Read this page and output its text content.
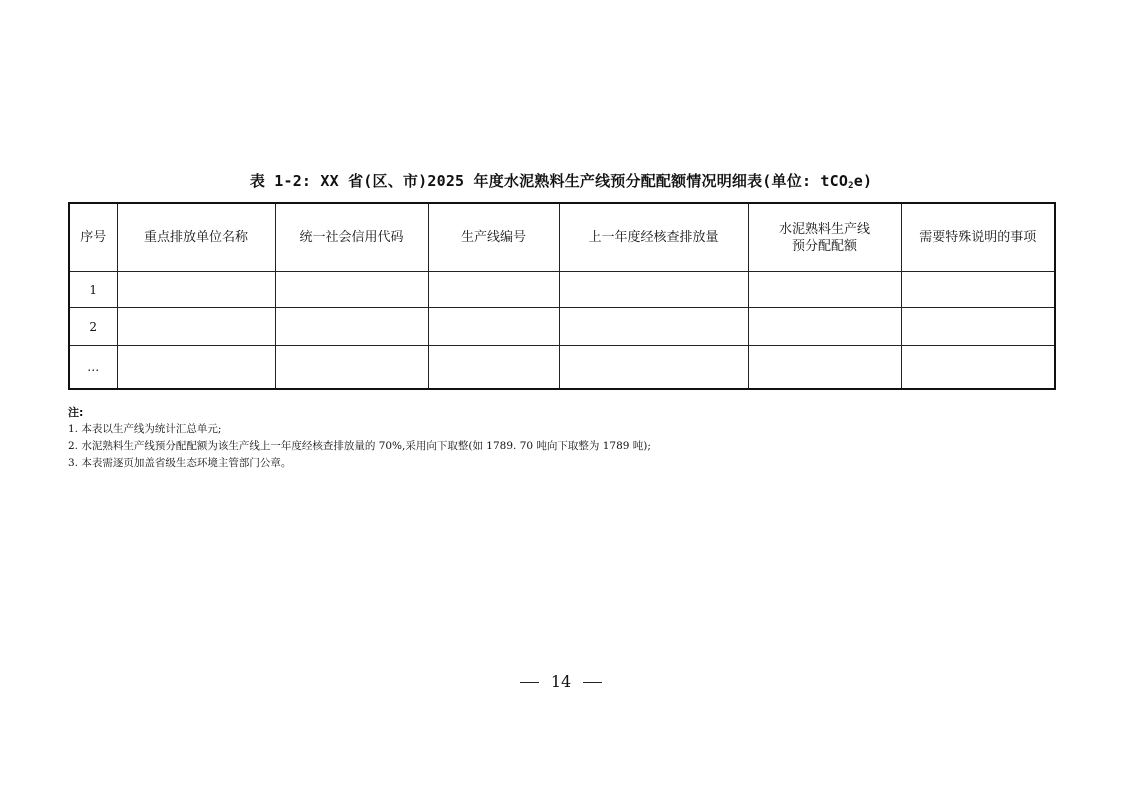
表 1-2: XX 省(区、市)2025 年度水泥熟料生产线预分配配额情况明细表(单位: tCO$_2$e)
序号	重点排放单位名称	统一社会信用代码	生产线编号	上一年度经核查排放量	水泥熟料生产线
预分配配额	需要特殊说明的事项
1						
2						
…						
注:
1. 本表以生产线为统计汇总单元;
2. 水泥熟料生产线预分配配额为该生产线上一年度经核查排放量的 70%,采用向下取整(如 1789. 70 吨向下取整为 1789 吨);
3. 本表需逐页加盖省级生态环境主管部门公章。
14
